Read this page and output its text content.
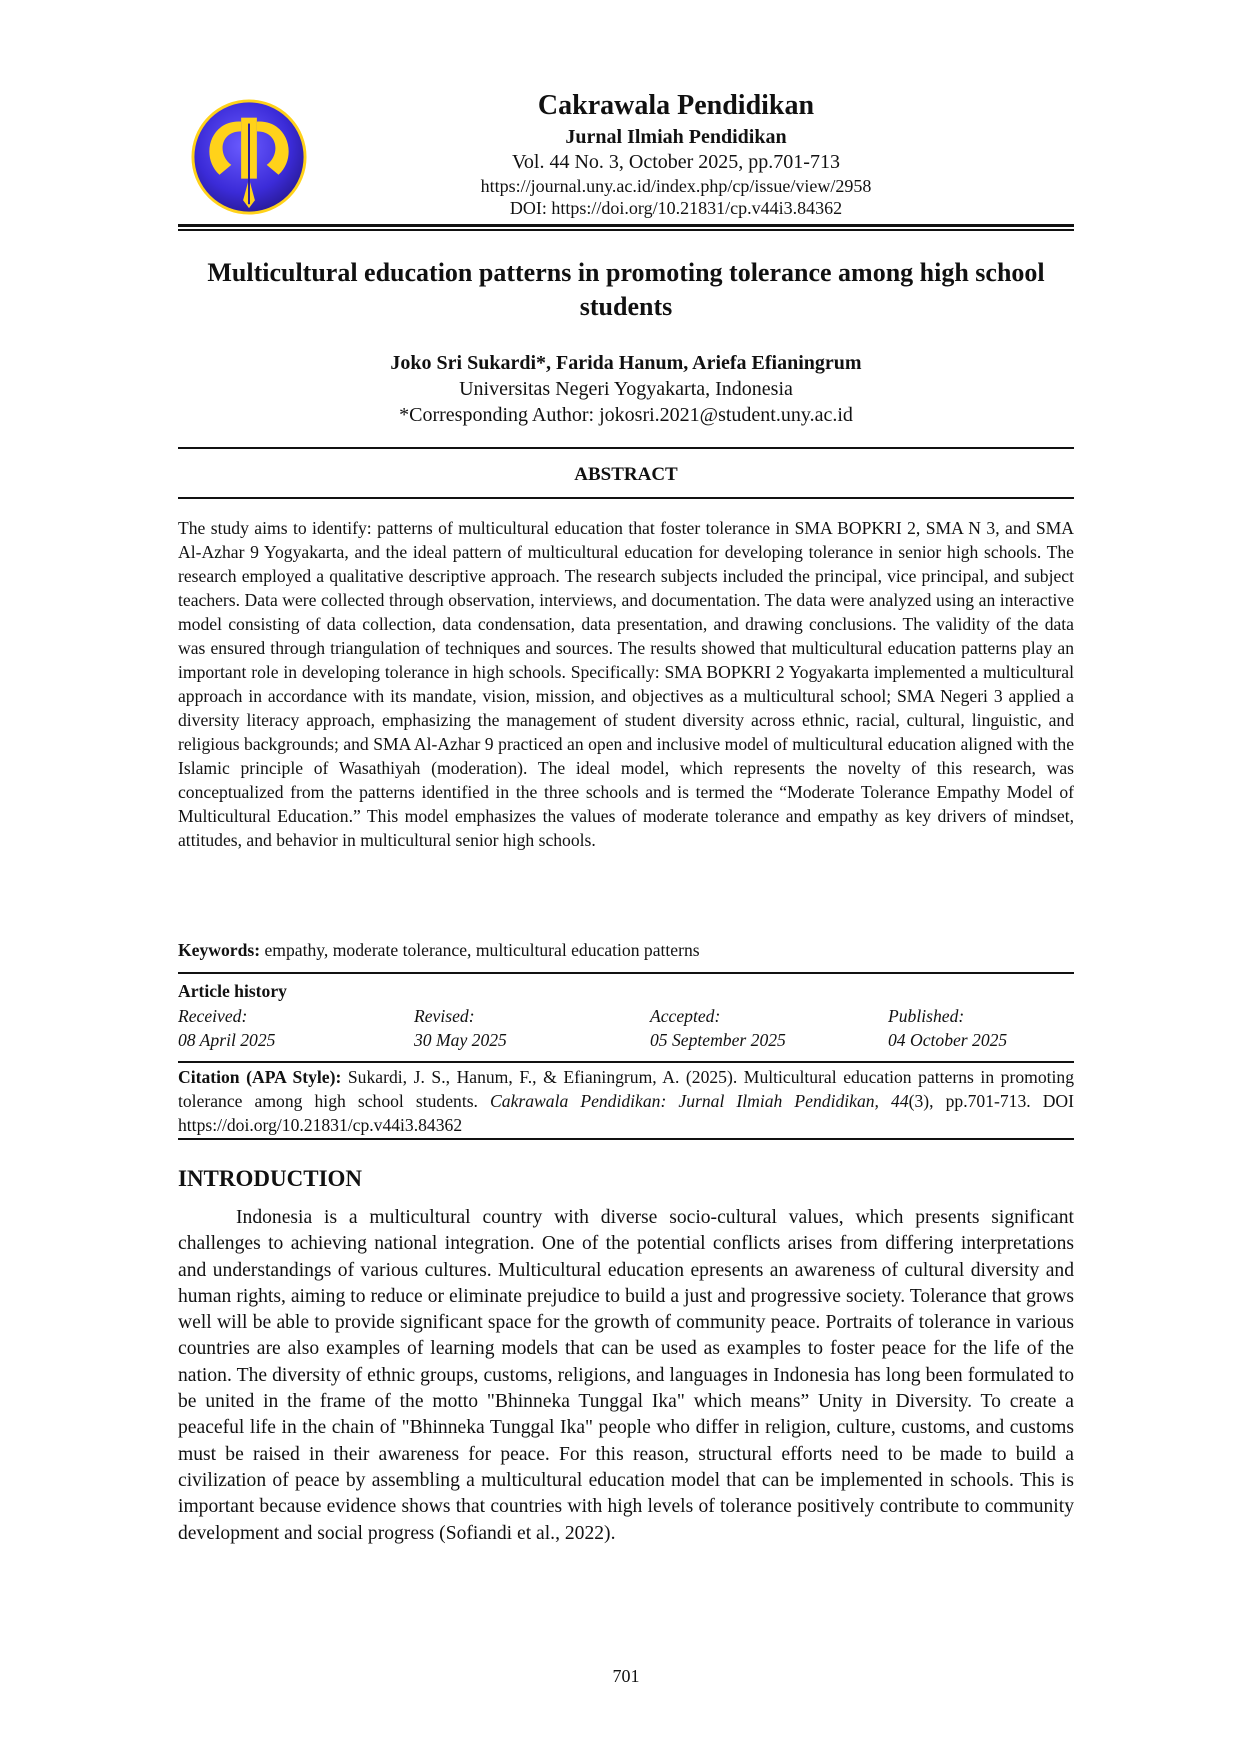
Cakrawala Pendidikan
Jurnal Ilmiah Pendidikan
Vol. 44 No. 3, October 2025, pp.701-713
https://journal.uny.ac.id/index.php/cp/issue/view/2958
DOI: https://doi.org/10.21831/cp.v44i3.84362
Multicultural education patterns in promoting tolerance among high school students
Joko Sri Sukardi*, Farida Hanum, Ariefa Efianingrum
Universitas Negeri Yogyakarta, Indonesia
*Corresponding Author: jokosri.2021@student.uny.ac.id
ABSTRACT
The study aims to identify: patterns of multicultural education that foster tolerance in SMA BOPKRI 2, SMA N 3, and SMA Al-Azhar 9 Yogyakarta, and the ideal pattern of multicultural education for developing tolerance in senior high schools. The research employed a qualitative descriptive approach. The research subjects included the principal, vice principal, and subject teachers. Data were collected through observation, interviews, and documentation. The data were analyzed using an interactive model consisting of data collection, data condensation, data presentation, and drawing conclusions. The validity of the data was ensured through triangulation of techniques and sources. The results showed that multicultural education patterns play an important role in developing tolerance in high schools. Specifically: SMA BOPKRI 2 Yogyakarta implemented a multicultural approach in accordance with its mandate, vision, mission, and objectives as a multicultural school; SMA Negeri 3 applied a diversity literacy approach, emphasizing the management of student diversity across ethnic, racial, cultural, linguistic, and religious backgrounds; and SMA Al-Azhar 9 practiced an open and inclusive model of multicultural education aligned with the Islamic principle of Wasathiyah (moderation). The ideal model, which represents the novelty of this research, was conceptualized from the patterns identified in the three schools and is termed the “Moderate Tolerance Empathy Model of Multicultural Education.” This model emphasizes the values of moderate tolerance and empathy as key drivers of mindset, attitudes, and behavior in multicultural senior high schools.
Keywords: empathy, moderate tolerance, multicultural education patterns
Article history
Received:
08 April 2025
Revised:
30 May 2025
Accepted:
05 September 2025
Published:
04 October 2025
Citation (APA Style): Sukardi, J. S., Hanum, F., & Efianingrum, A. (2025). Multicultural education patterns in promoting tolerance among high school students. Cakrawala Pendidikan: Jurnal Ilmiah Pendidikan, 44(3), pp.701-713. DOI https://doi.org/10.21831/cp.v44i3.84362
INTRODUCTION
Indonesia is a multicultural country with diverse socio-cultural values, which presents significant challenges to achieving national integration. One of the potential conflicts arises from differing interpretations and understandings of various cultures. Multicultural education epresents an awareness of cultural diversity and human rights, aiming to reduce or eliminate prejudice to build a just and progressive society. Tolerance that grows well will be able to provide significant space for the growth of community peace. Portraits of tolerance in various countries are also examples of learning models that can be used as examples to foster peace for the life of the nation. The diversity of ethnic groups, customs, religions, and languages in Indonesia has long been formulated to be united in the frame of the motto "Bhinneka Tunggal Ika" which means” Unity in Diversity. To create a peaceful life in the chain of "Bhinneka Tunggal Ika" people who differ in religion, culture, customs, and customs must be raised in their awareness for peace. For this reason, structural efforts need to be made to build a civilization of peace by assembling a multicultural education model that can be implemented in schools. This is important because evidence shows that countries with high levels of tolerance positively contribute to community development and social progress (Sofiandi et al., 2022).
701
